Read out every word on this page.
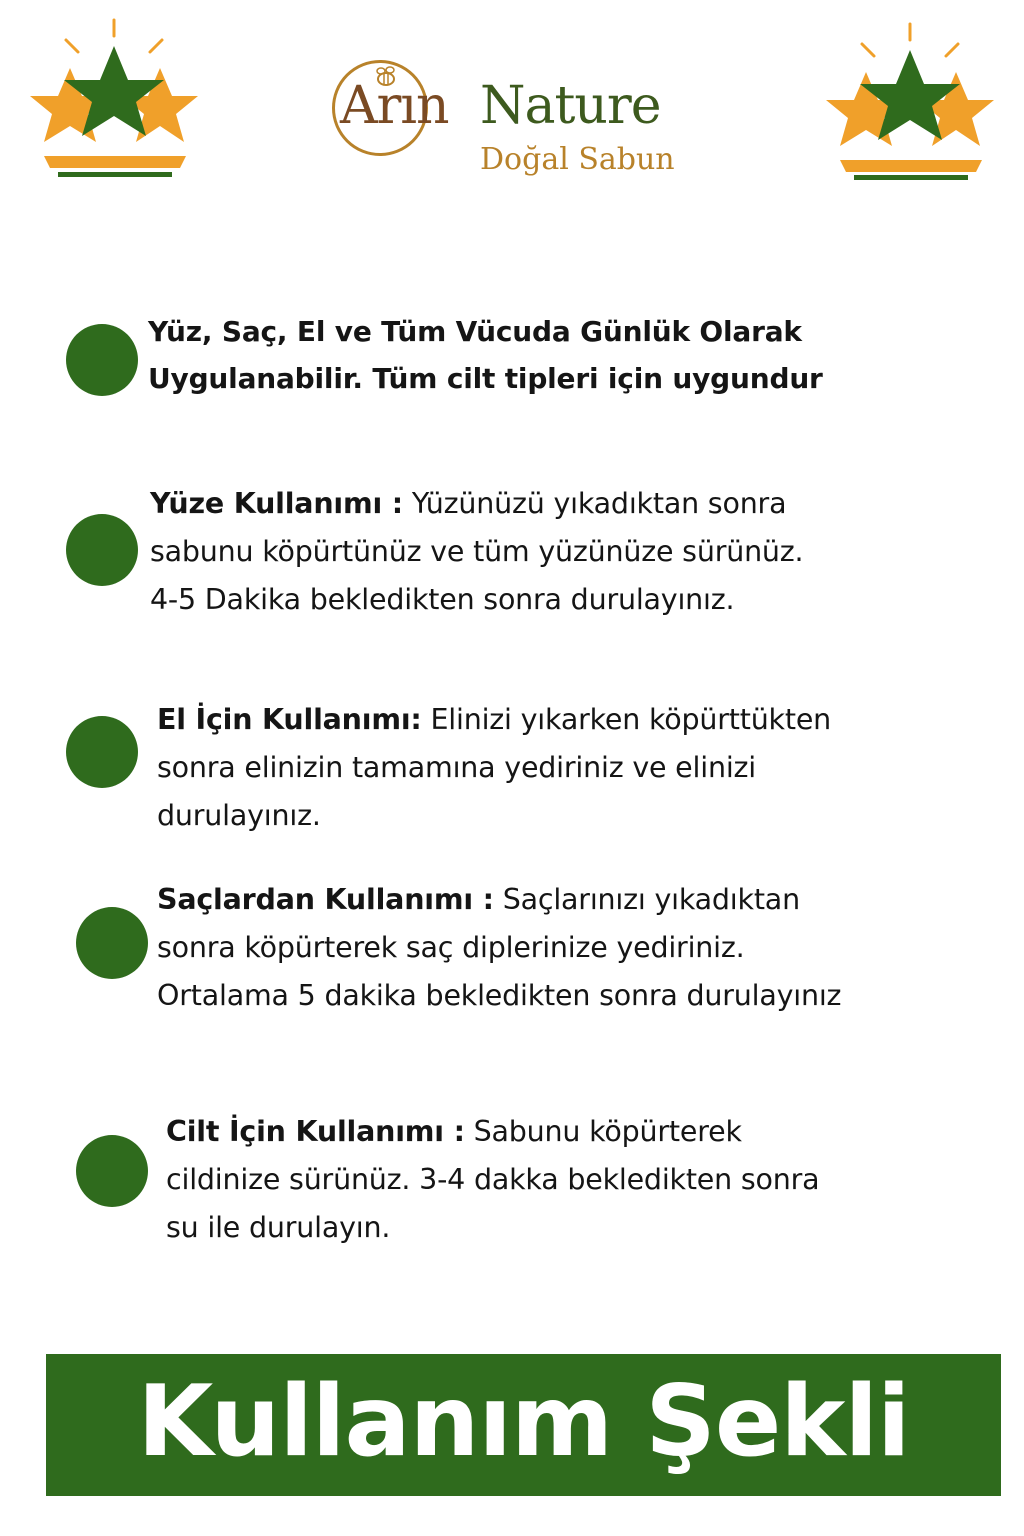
Arın Nature
Doğal Sabun
Yüz, Saç, El ve Tüm Vücuda Günlük Olarak
Uygulanabilir. Tüm cilt tipleri için uygundur
Yüze Kullanımı : Yüzünüzü yıkadıktan sonra
sabunu köpürtünüz ve tüm yüzünüze sürünüz.
4-5 Dakika bekledikten sonra durulayınız.
El İçin Kullanımı: Elinizi yıkarken köpürttükten
sonra elinizin tamamına yediriniz ve elinizi
durulayınız.
Saçlardan Kullanımı : Saçlarınızı yıkadıktan
sonra köpürterek saç diplerinize yediriniz.
Ortalama 5 dakika bekledikten sonra durulayınız
Cilt İçin Kullanımı : Sabunu köpürterek
cildinize sürünüz. 3-4 dakka bekledikten sonra
su ile durulayın.
Kullanım Şekli
